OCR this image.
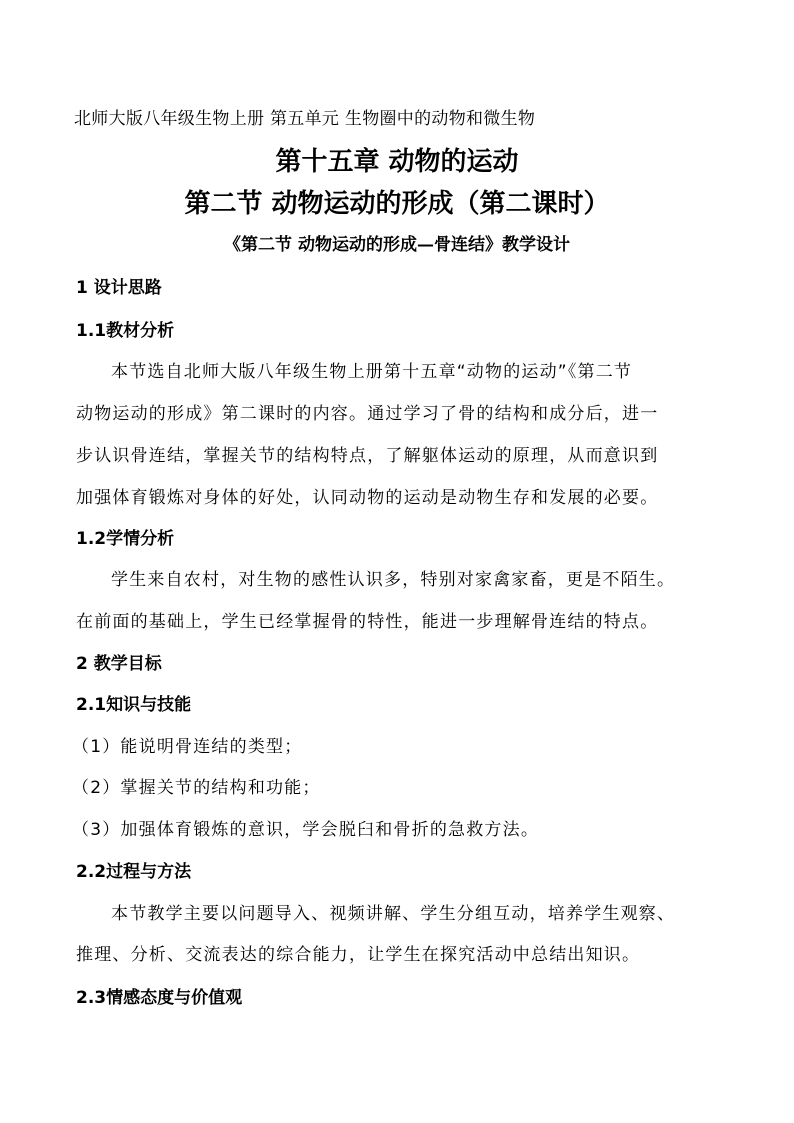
北师大版八年级生物上册 第五单元 生物圈中的动物和微生物
第十五章 动物的运动
第二节 动物运动的形成（第二课时）
《第二节 动物运动的形成—骨连结》教学设计
1 设计思路
1.1教材分析
本节选自北师大版八年级生物上册第十五章“动物的运动”《第二节
动物运动的形成》第二课时的内容。通过学习了骨的结构和成分后，进一
步认识骨连结，掌握关节的结构特点，了解躯体运动的原理，从而意识到
加强体育锻炼对身体的好处，认同动物的运动是动物生存和发展的必要。
1.2学情分析
学生来自农村，对生物的感性认识多，特别对家禽家畜，更是不陌生。
在前面的基础上，学生已经掌握骨的特性，能进一步理解骨连结的特点。
2 教学目标
2.1知识与技能
（1）能说明骨连结的类型；
（2）掌握关节的结构和功能；
（3）加强体育锻炼的意识，学会脱臼和骨折的急救方法。
2.2过程与方法
本节教学主要以问题导入、视频讲解、学生分组互动，培养学生观察、
推理、分析、交流表达的综合能力，让学生在探究活动中总结出知识。
2.3情感态度与价值观
